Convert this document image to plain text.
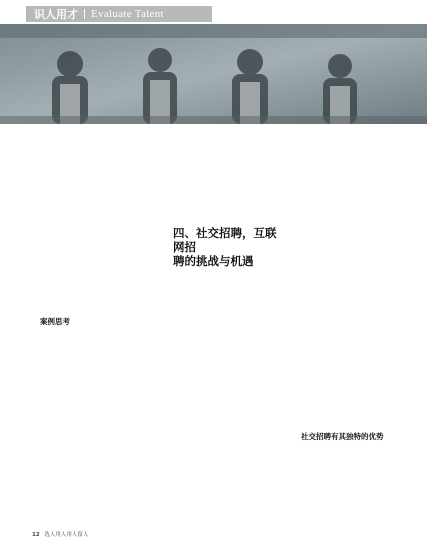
识人用才 Evaluate Talent
四、社交招聘，互联网招
聘的挑战与机遇
案例思考
社交招聘有其独特的优势
12 选人用人用人留人
